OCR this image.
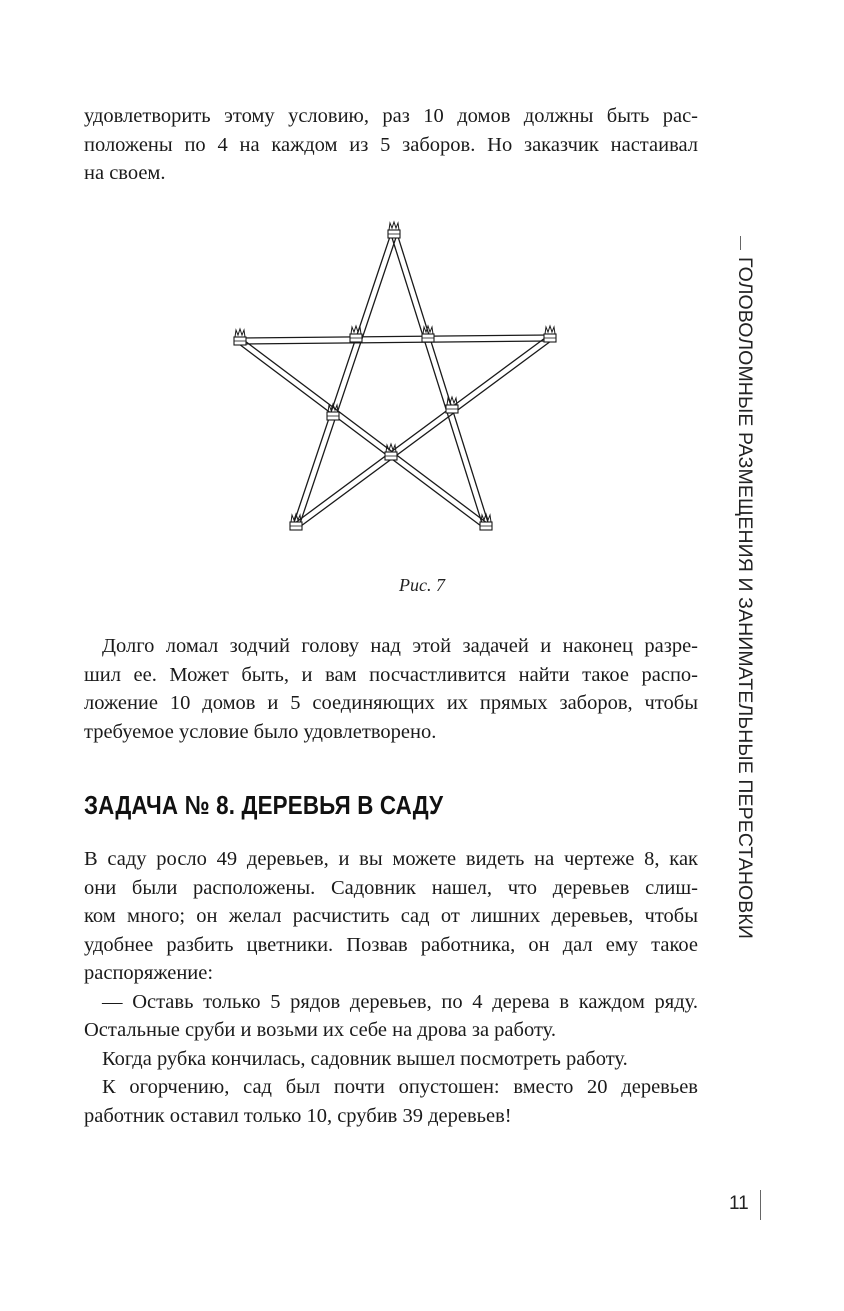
удовлетворить этому условию, раз 10 домов должны быть рас-
положены по 4 на каждом из 5 заборов. Но заказчик настаивал
на своем.
Рис. 7
Долго ломал зодчий голову над этой задачей и наконец разре-
шил ее. Может быть, и вам посчастливится найти такое распо-
ложение 10 домов и 5 соединяющих их прямых заборов, чтобы
требуемое условие было удовлетворено.
ЗАДАЧА № 8. ДЕРЕВЬЯ В САДУ
В саду росло 49 деревьев, и вы можете видеть на чертеже 8, как
они были расположены. Садовник нашел, что деревьев слиш-
ком много; он желал расчистить сад от лишних деревьев, чтобы
удобнее разбить цветники. Позвав работника, он дал ему такое
распоряжение:
— Оставь только 5 рядов деревьев, по 4 дерева в каждом ряду.
Остальные сруби и возьми их себе на дрова за работу.
Когда рубка кончилась, садовник вышел посмотреть работу.
К огорчению, сад был почти опустошен: вместо 20 деревьев
работник оставил только 10, срубив 39 деревьев!
ГОЛОВОЛОМНЫЕ РАЗМЕЩЕНИЯ И ЗАНИМАТЕЛЬНЫЕ ПЕРЕСТАНОВКИ
11
